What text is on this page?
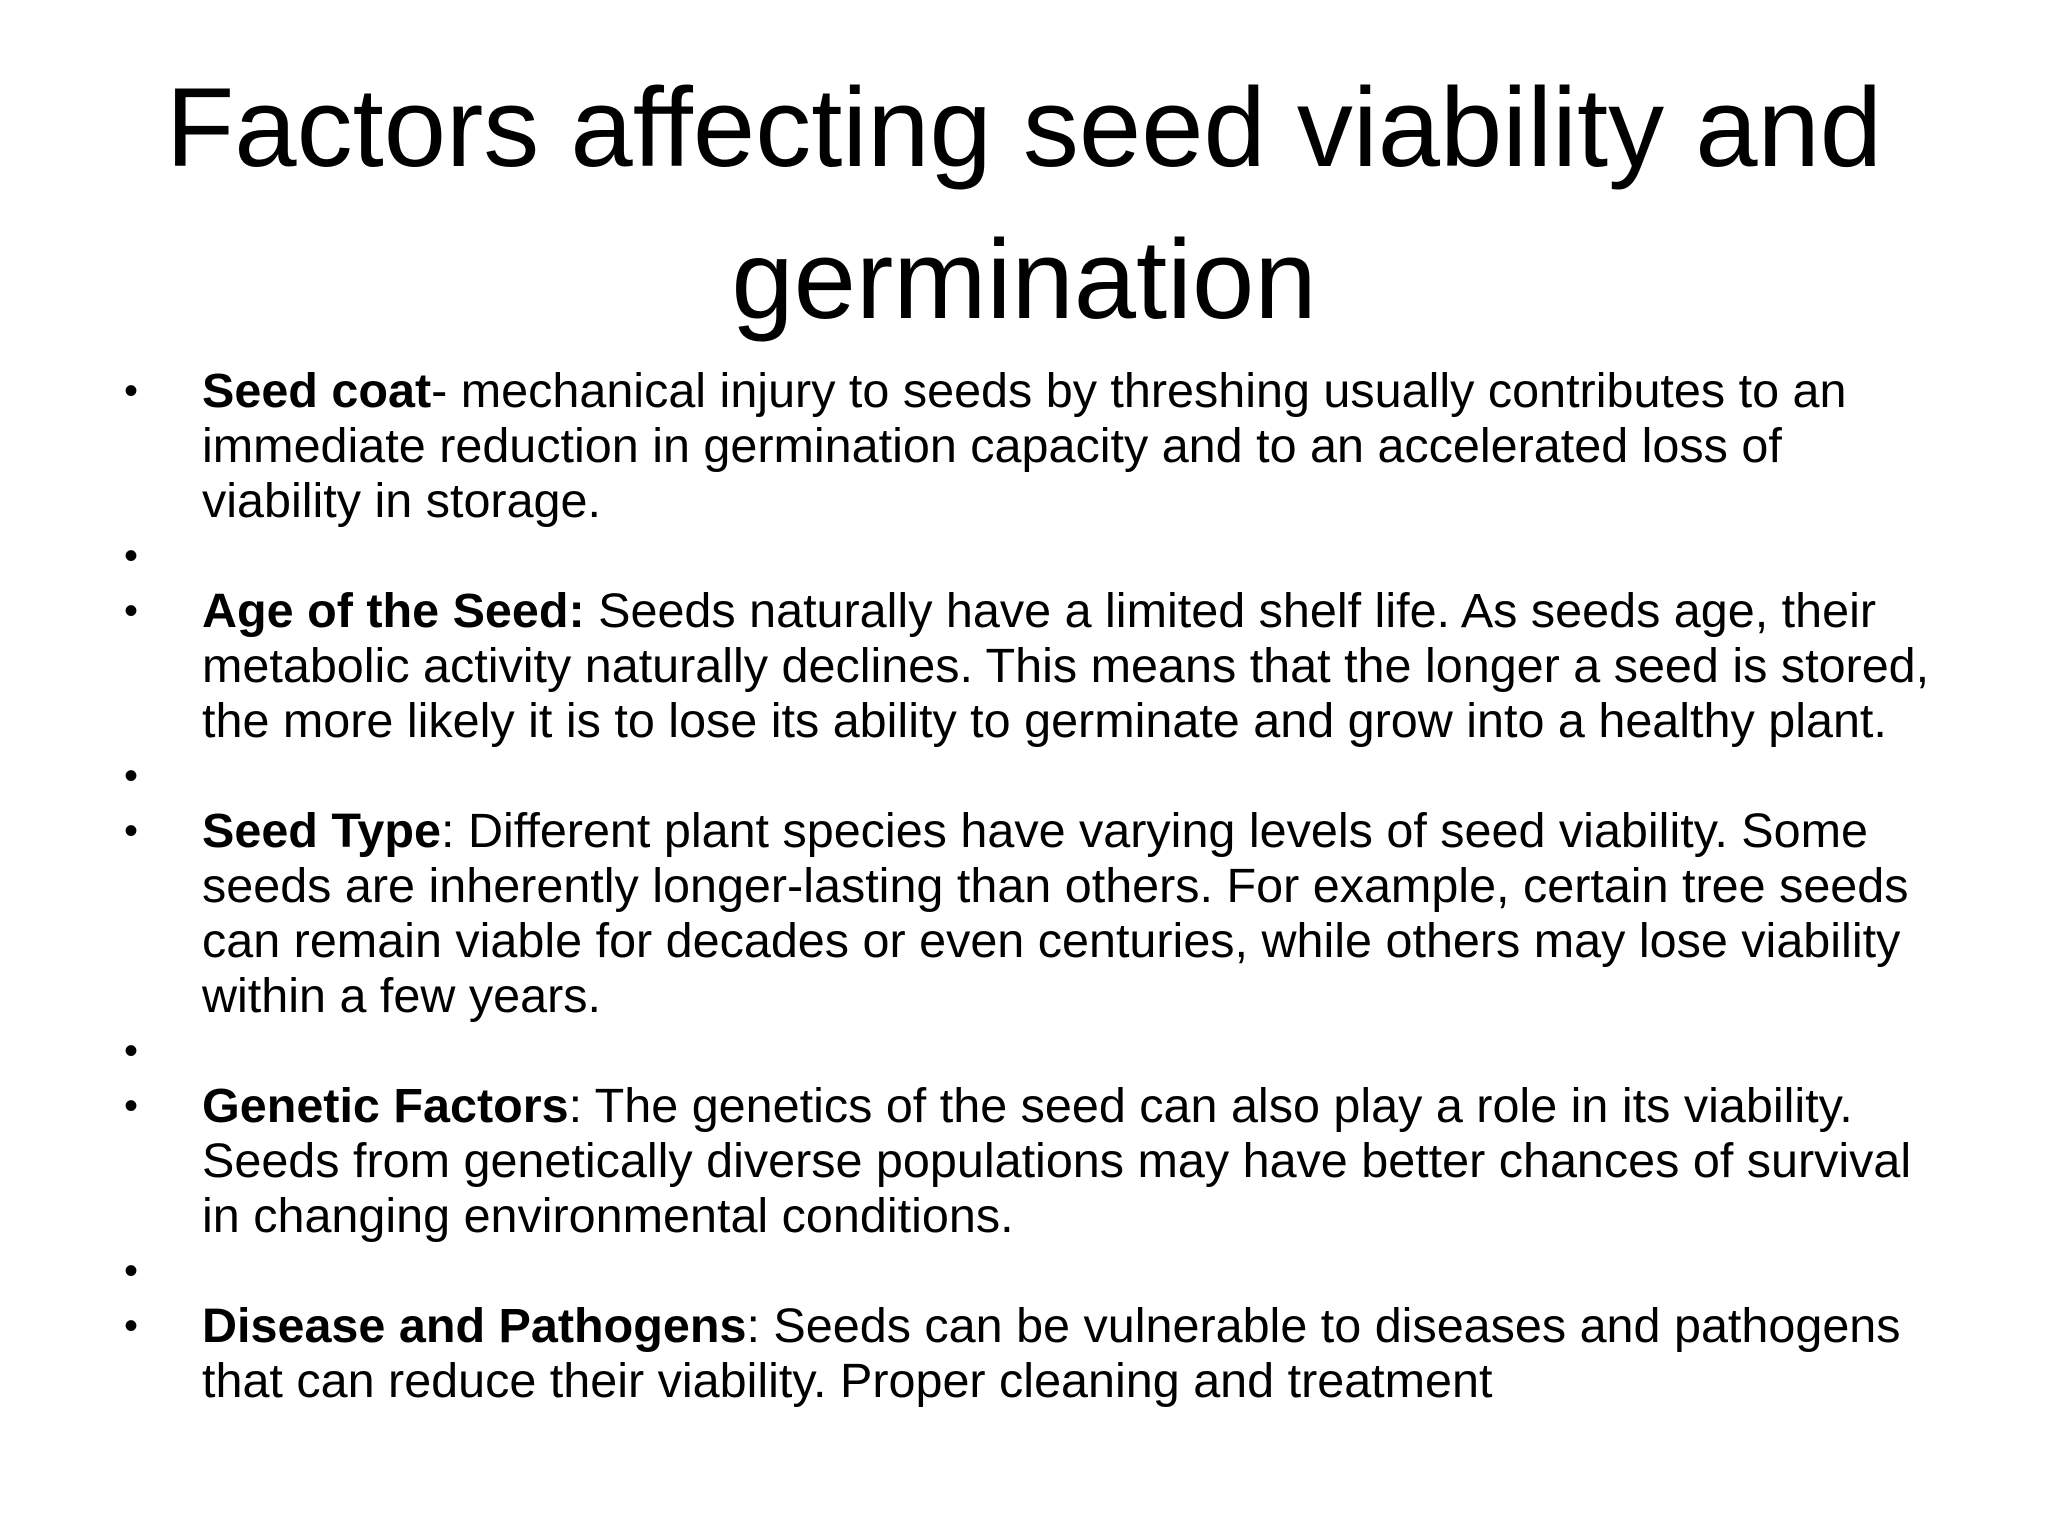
Factors affecting seed viability and germination
•	Seed coat- mechanical injury to seeds by threshing usually contributes to an immediate reduction in germination capacity and to an accelerated loss of viability in storage.
•
•	Age of the Seed: Seeds naturally have a limited shelf life. As seeds age, their metabolic activity naturally declines. This means that the longer a seed is stored, the more likely it is to lose its ability to germinate and grow into a healthy plant.
•
•	Seed Type: Different plant species have varying levels of seed viability. Some seeds are inherently longer-lasting than others. For example, certain tree seeds can remain viable for decades or even centuries, while others may lose viability within a few years.
•
•	Genetic Factors: The genetics of the seed can also play a role in its viability. Seeds from genetically diverse populations may have better chances of survival in changing environmental conditions.
•
•	Disease and Pathogens: Seeds can be vulnerable to diseases and pathogens that can reduce their viability. Proper cleaning and treatment
